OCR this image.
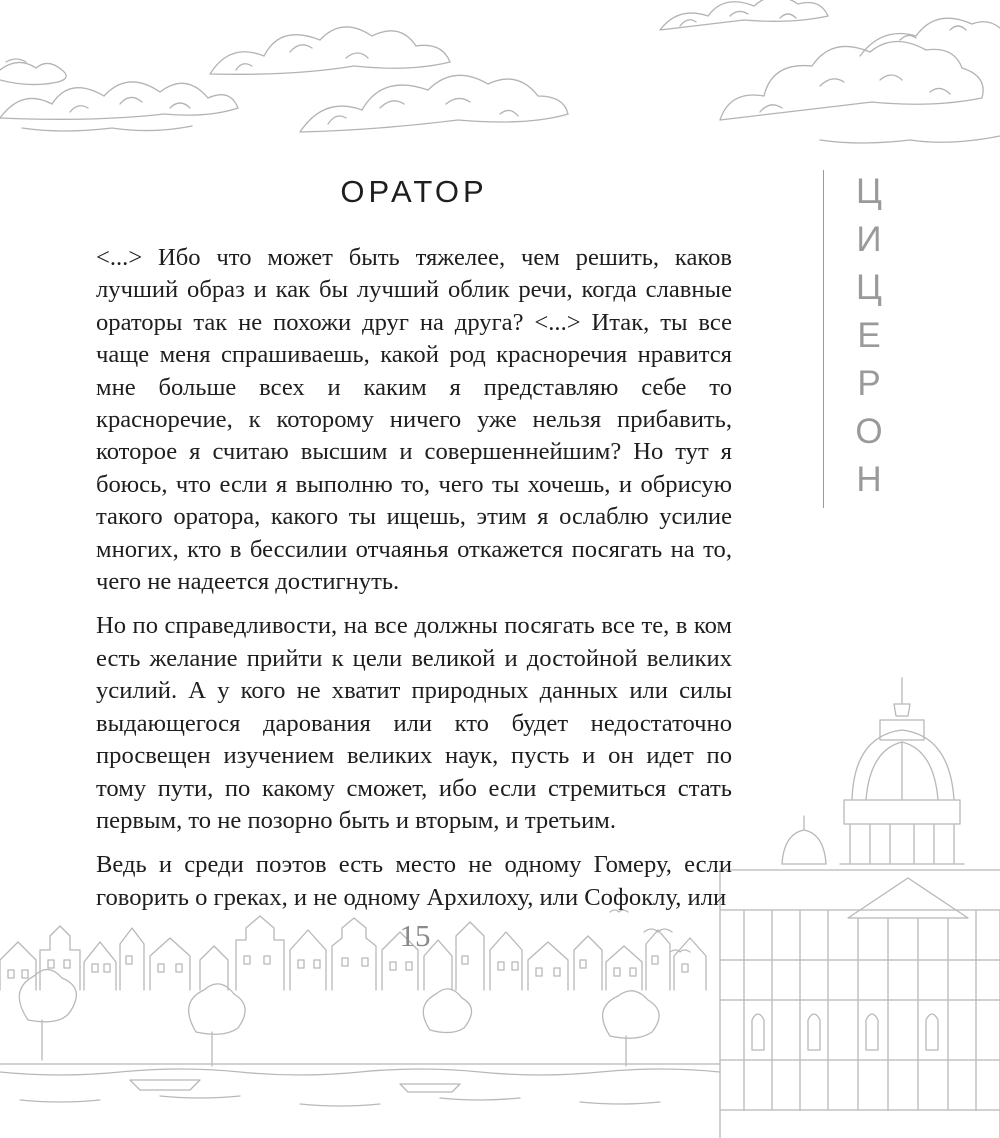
ОРАТОР

<...> Ибо что может быть тяжелее, чем решить, каков лучший образ и как бы лучший облик речи, когда славные ораторы так не похожи друг на друга? <...> Итак, ты все чаще меня спрашиваешь, какой род красноречия нравится мне больше всех и каким я представляю себе то красноречие, к которому ничего уже нельзя прибавить, которое я считаю высшим и совершеннейшим? Но тут я боюсь, что если я выполню то, чего ты хочешь, и обрисую такого оратора, какого ты ищешь, этим я ослаблю усилие многих, кто в бессилии отчаянья откажется посягать на то, чего не надеется достигнуть.

Но по справедливости, на все должны посягать все те, в ком есть желание прийти к цели великой и достойной великих усилий. А у кого не хватит природных данных или силы выдающегося дарования или кто будет недостаточно просвещен изучением великих наук, пусть и он идет по тому пути, по какому сможет, ибо если стремиться стать первым, то не позорно быть и вторым, и третьим.

Ведь и среди поэтов есть место не одному Гомеру, если говорить о греках, и не одному Архилоху, или Софоклу, или

Ц
И
Ц
Е
Р
О
Н
15
